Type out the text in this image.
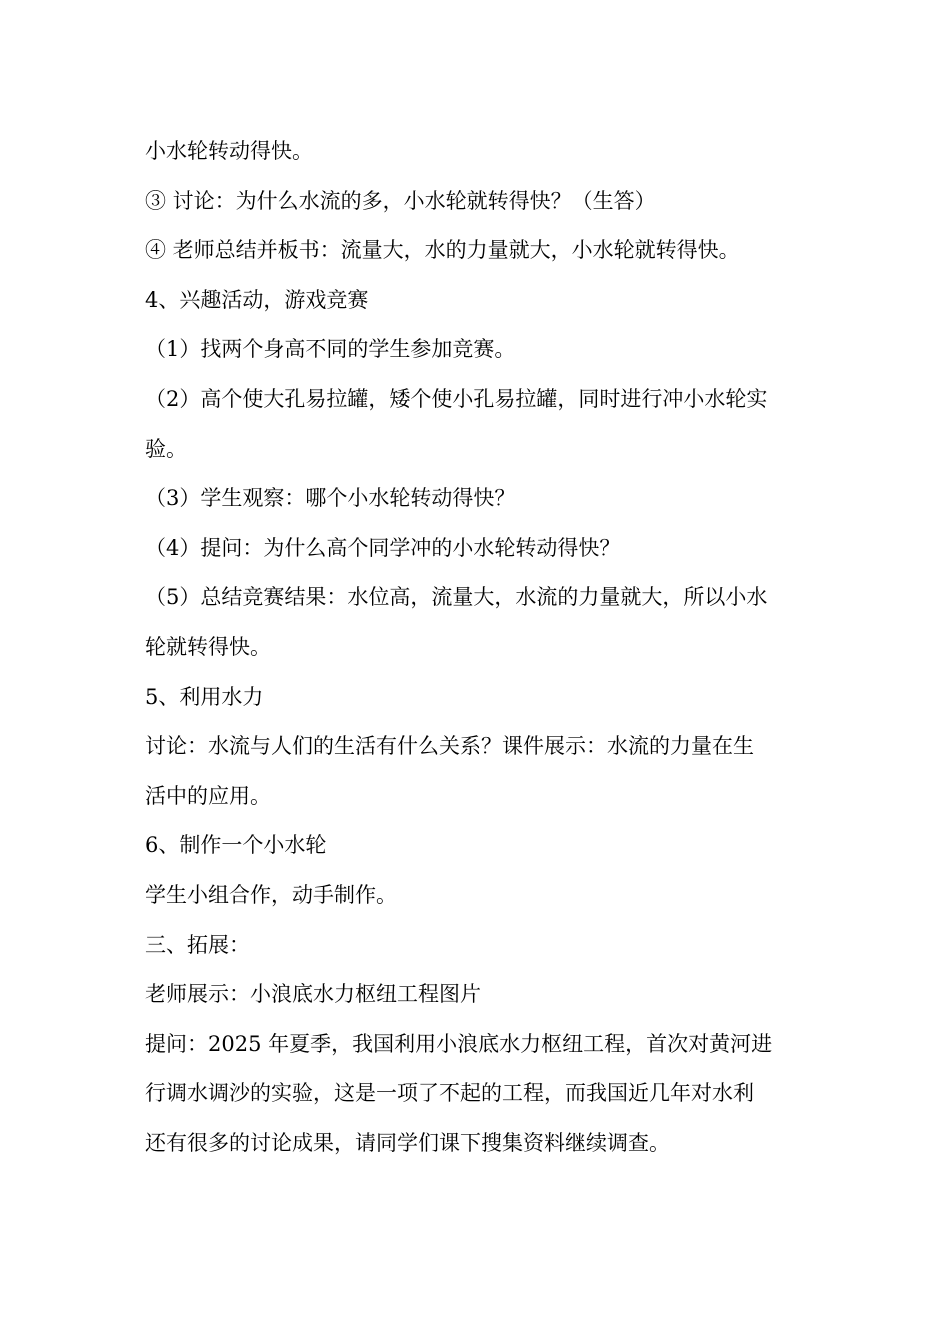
小水轮转动得快。
③ 讨论：为什么水流的多，小水轮就转得快？（生答）
④ 老师总结并板书：流量大，水的力量就大，小水轮就转得快。
4、兴趣活动，游戏竞赛
（1）找两个身高不同的学生参加竞赛。
（2）高个使大孔易拉罐，矮个使小孔易拉罐，同时进行冲小水轮实
验。
（3）学生观察：哪个小水轮转动得快？
（4）提问：为什么高个同学冲的小水轮转动得快？
（5）总结竞赛结果：水位高，流量大，水流的力量就大，所以小水
轮就转得快。
5、利用水力
讨论：水流与人们的生活有什么关系？课件展示：水流的力量在生
活中的应用。
6、制作一个小水轮
学生小组合作，动手制作。
三、拓展：
老师展示：小浪底水力枢纽工程图片
提问：2025 年夏季，我国利用小浪底水力枢纽工程，首次对黄河进
行调水调沙的实验，这是一项了不起的工程，而我国近几年对水利
还有很多的讨论成果，请同学们课下搜集资料继续调查。
